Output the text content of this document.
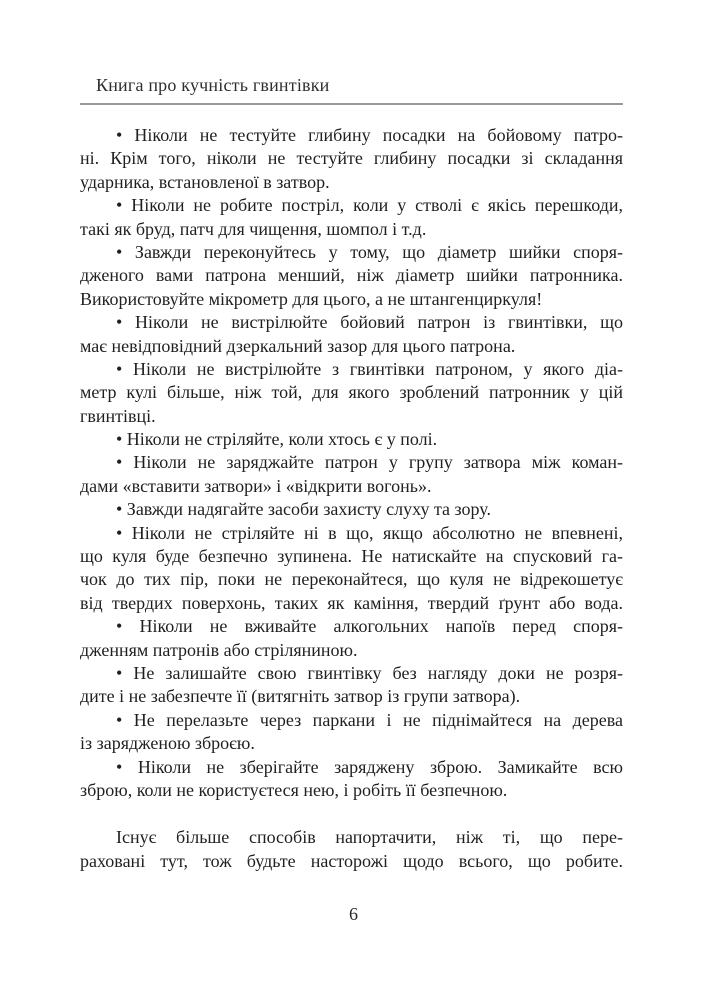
Книга про кучність гвинтівки

• Ніколи не тестуйте глибину посадки на бойовому патро-
ні. Крім того, ніколи не тестуйте глибину посадки зі складання
ударника, встановленої в затвор.

• Ніколи не робите постріл, коли у стволі є якісь перешкоди,
такі як бруд, патч для чищення, шомпол і т.д.

• Завжди переконуйтесь у тому, що діаметр шийки споря-
дженого вами патрона менший, ніж діаметр шийки патронника.
Використовуйте мікрометр для цього, а не штангенциркуля!

• Ніколи не вистрілюйте бойовий патрон із гвинтівки, що
має невідповідний дзеркальний зазор для цього патрона.

• Ніколи не вистрілюйте з гвинтівки патроном, у якого діа-
метр кулі більше, ніж той, для якого зроблений патронник у цій
гвинтівці.

• Ніколи не стріляйте, коли хтось є у полі.

• Ніколи не заряджайте патрон у групу затвора між коман-
дами «вставити затвори» і «відкрити вогонь».

• Завжди надягайте засоби захисту слуху та зору.

• Ніколи не стріляйте ні в що, якщо абсолютно не впевнені,
що куля буде безпечно зупинена. Не натискайте на спусковий га-
чок до тих пір, поки не переконайтеся, що куля не відрекошетує
від твердих поверхонь, таких як каміння, твердий ґрунт або вода.

• Ніколи не вживайте алкогольних напоїв перед споря-
дженням патронів або стріляниною.

• Не залишайте свою гвинтівку без нагляду доки не розря-
дите і не забезпечте її (витягніть затвор із групи затвора).

• Не перелазьте через паркани і не піднімайтеся на дерева
із зарядженою зброєю.

• Ніколи не зберігайте заряджену зброю. Замикайте всю
зброю, коли не користуєтеся нею, і робіть її безпечною.

Існує більше способів напортачити, ніж ті, що пере-
раховані тут, тож будьте насторожі щодо всього, що робите.

6
